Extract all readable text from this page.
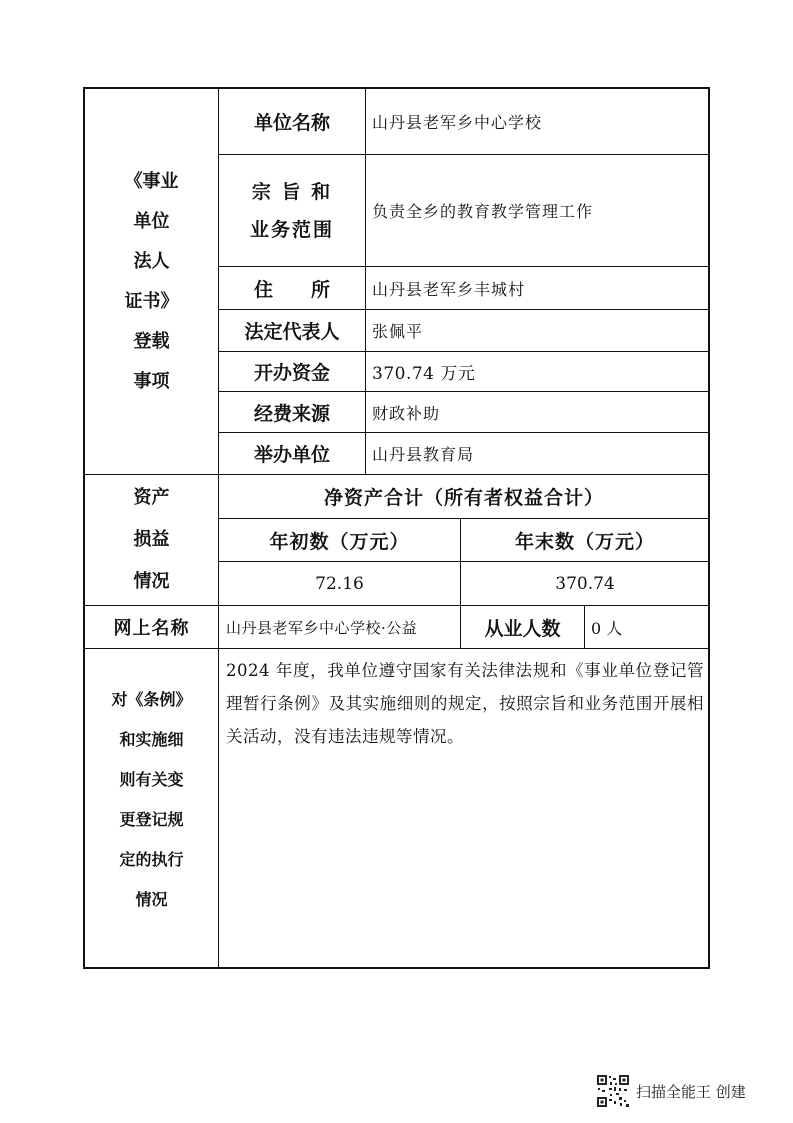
《事业
单位
法人
证书》
登载
事项
单位名称	山丹县老军乡中心学校
宗 旨 和
业务范围
负责全乡的教育教学管理工作
住　　所	山丹县老军乡丰城村
法定代表人 张佩平
开办资金 370.74 万元
经费来源	财政补助
举办单位	山丹县教育局
资产
损益
情况
净资产合计（所有者权益合计）
年初数（万元）	年末数（万元）
72.16	370.74
网上名称 山丹县老军乡中心学校·公益	从业人数 0 人
对《条例》
和实施细
则有关变
更登记规
定的执行
情况
2024 年度，我单位遵守国家有关法律法规和《事业单位登记管理暂行条例》及其实施细则的规定，按照宗旨和业务范围开展相关活动，没有违法违规等情况。
扫描全能王 创建
